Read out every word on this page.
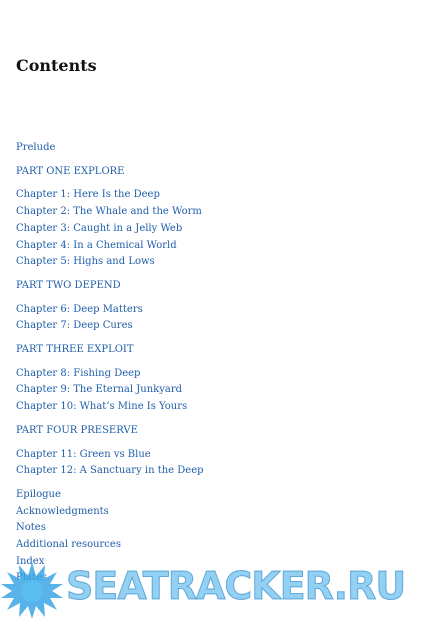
Contents
Prelude
PART ONE EXPLORE
Chapter 1: Here Is the Deep
Chapter 2: The Whale and the Worm
Chapter 3: Caught in a Jelly Web
Chapter 4: In a Chemical World
Chapter 5: Highs and Lows
PART TWO DEPEND
Chapter 6: Deep Matters
Chapter 7: Deep Cures
PART THREE EXPLOIT
Chapter 8: Fishing Deep
Chapter 9: The Eternal Junkyard
Chapter 10: What’s Mine Is Yours
PART FOUR PRESERVE
Chapter 11: Green vs Blue
Chapter 12: A Sanctuary in the Deep
Epilogue
Acknowledgments
Notes
Additional resources
Index
SEATRACKER.RU
